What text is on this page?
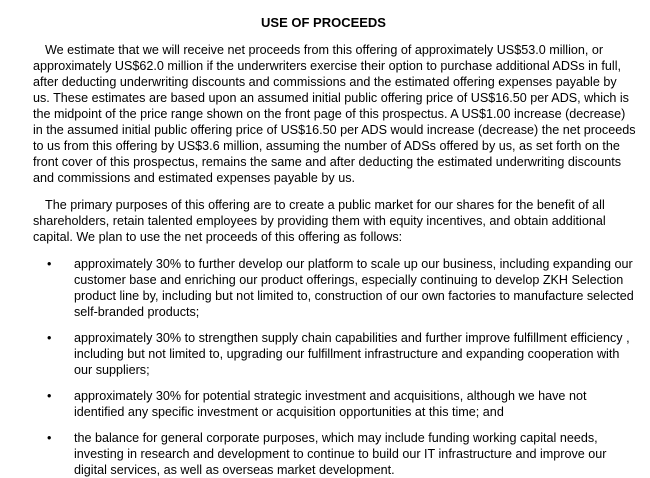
USE OF PROCEEDS

We estimate that we will receive net proceeds from this offering of approximately US$53.0 million, or approximately US$62.0 million if the underwriters exercise their option to purchase additional ADSs in full, after deducting underwriting discounts and commissions and the estimated offering expenses payable by us. These estimates are based upon an assumed initial public offering price of US$16.50 per ADS, which is the midpoint of the price range shown on the front page of this prospectus. A US$1.00 increase (decrease) in the assumed initial public offering price of US$16.50 per ADS would increase (decrease) the net proceeds to us from this offering by US$3.6 million, assuming the number of ADSs offered by us, as set forth on the front cover of this prospectus, remains the same and after deducting the estimated underwriting discounts and commissions and estimated expenses payable by us.

The primary purposes of this offering are to create a public market for our shares for the benefit of all shareholders, retain talented employees by providing them with equity incentives, and obtain additional capital. We plan to use the net proceeds of this offering as follows:

• approximately 30% to further develop our platform to scale up our business, including expanding our customer base and enriching our product offerings, especially continuing to develop ZKH Selection product line by, including but not limited to, construction of our own factories to manufacture selected self-branded products;
• approximately 30% to strengthen supply chain capabilities and further improve fulfillment efficiency , including but not limited to, upgrading our fulfillment infrastructure and expanding cooperation with our suppliers;
• approximately 30% for potential strategic investment and acquisitions, although we have not identified any specific investment or acquisition opportunities at this time; and
• the balance for general corporate purposes, which may include funding working capital needs, investing in research and development to continue to build our IT infrastructure and improve our digital services, as well as overseas market development.
